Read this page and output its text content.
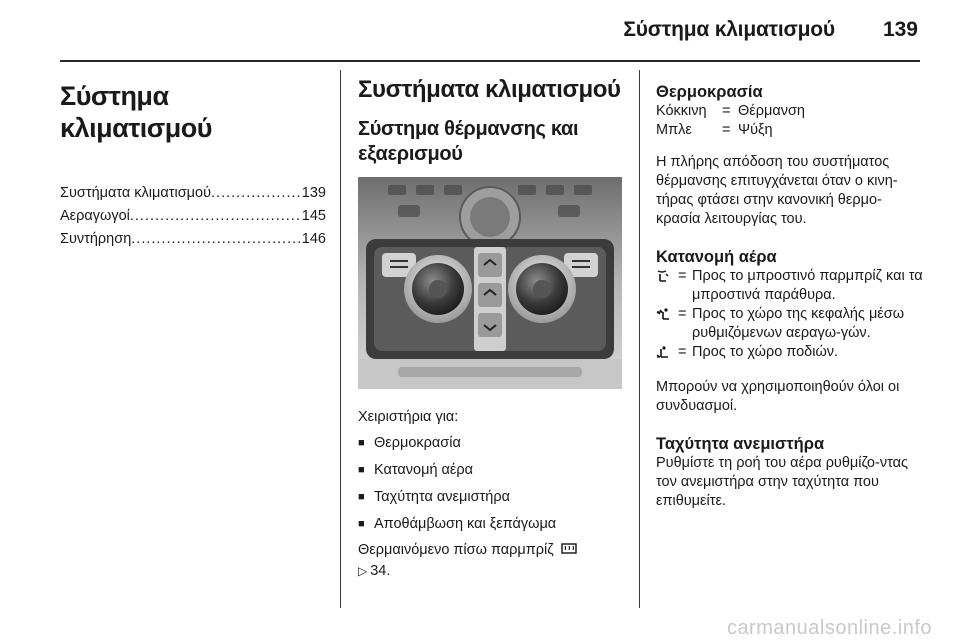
Σύστημα κλιματισμού 139
Σύστημα κλιματισμού
Συστήματα κλιματισμού .....	139
Αεραγωγοί .....	145
Συντήρηση .....	146
Συστήματα κλιματισμού
Σύστημα θέρμανσης και
εξαερισμού

Χειριστήρια για:

■ Θερμοκρασία
■ Κατανομή αέρα
■ Ταχύτητα ανεμιστήρα
■ Αποθάμβωση και ξεπάγωμα

Θερμαινόμενο πίσω παρμπρίζ
▷ 34.

Θερμοκρασία
Κόκκινη	= Θέρμανση
Μπλε	= Ψύξη

Η πλήρης απόδοση του συστήματος θέρμανσης επιτυγχάνεται όταν ο κινη-τήρας φτάσει στην κανονική θερμο-κρασία λειτουργίας του.

Κατανομή αέρα
= Προς το μπροστινό παρμπρίζ και τα μπροστινά παράθυρα.
= Προς το χώρο της κεφαλής μέσω ρυθμιζόμενων αεραγω-γών.
= Προς το χώρο ποδιών.

Μπορούν να χρησιμοποιηθούν όλοι οι συνδυασμοί.

Ταχύτητα ανεμιστήρα

Ρυθμίστε τη ροή του αέρα ρυθμίζο-ντας τον ανεμιστήρα στην ταχύτητα που επιθυμείτε.

carmanualsonline.info
